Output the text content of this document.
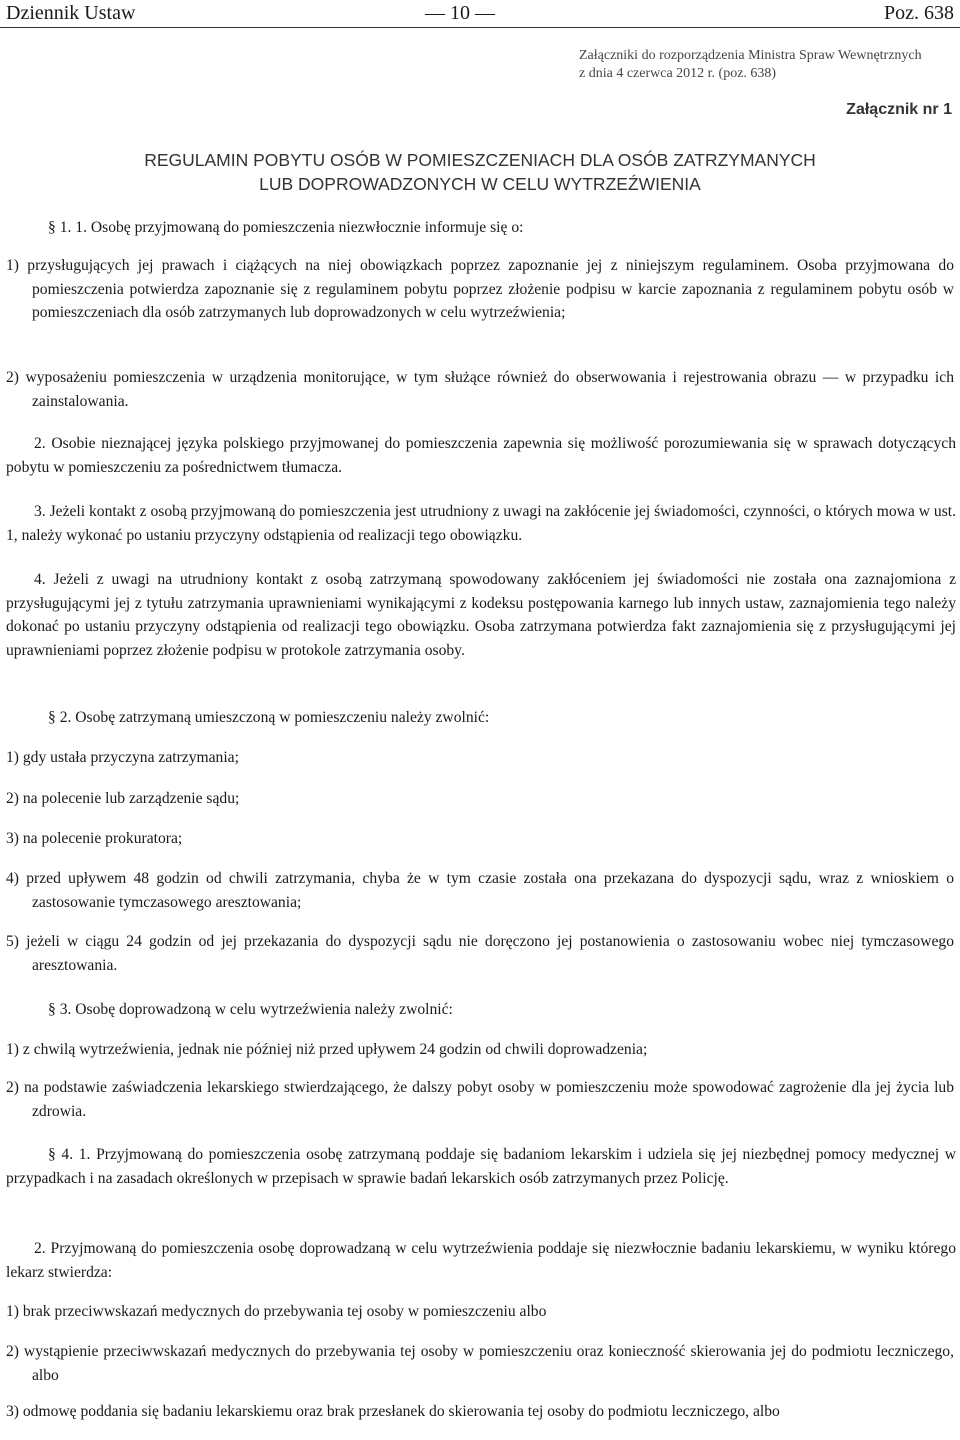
Dziennik Ustaw	— 10 —	Poz. 638
Załączniki do rozporządzenia Ministra Spraw Wewnętrznych
z dnia 4 czerwca 2012 r. (poz. 638)
Załącznik nr 1
REGULAMIN POBYTU OSÓB W POMIESZCZENIACH DLA OSÓB ZATRZYMANYCH
LUB DOPROWADZONYCH W CELU WYTRZEŹWIENIA
§ 1. 1. Osobę przyjmowaną do pomieszczenia niezwłocznie informuje się o:
1) przysługujących jej prawach i ciążących na niej obowiązkach poprzez zapoznanie jej z niniejszym regulaminem. Osoba przyjmowana do pomieszczenia potwierdza zapoznanie się z regulaminem pobytu poprzez złożenie podpisu w karcie zapoznania z regulaminem pobytu osób w pomieszczeniach dla osób zatrzymanych lub doprowadzonych w celu wytrzeźwienia;
2) wyposażeniu pomieszczenia w urządzenia monitorujące, w tym służące również do obserwowania i rejestrowania obrazu — w przypadku ich zainstalowania.
2. Osobie nieznającej języka polskiego przyjmowanej do pomieszczenia zapewnia się możliwość porozumiewania się w sprawach dotyczących pobytu w pomieszczeniu za pośrednictwem tłumacza.
3. Jeżeli kontakt z osobą przyjmowaną do pomieszczenia jest utrudniony z uwagi na zakłócenie jej świadomości, czynności, o których mowa w ust. 1, należy wykonać po ustaniu przyczyny odstąpienia od realizacji tego obowiązku.
4. Jeżeli z uwagi na utrudniony kontakt z osobą zatrzymaną spowodowany zakłóceniem jej świadomości nie została ona zaznajomiona z przysługującymi jej z tytułu zatrzymania uprawnieniami wynikającymi z kodeksu postępowania karnego lub innych ustaw, zaznajomienia tego należy dokonać po ustaniu przyczyny odstąpienia od realizacji tego obowiązku. Osoba zatrzymana potwierdza fakt zaznajomienia się z przysługującymi jej uprawnieniami poprzez złożenie podpisu w protokole zatrzymania osoby.
§ 2. Osobę zatrzymaną umieszczoną w pomieszczeniu należy zwolnić:
1) gdy ustała przyczyna zatrzymania;
2) na polecenie lub zarządzenie sądu;
3) na polecenie prokuratora;
4) przed upływem 48 godzin od chwili zatrzymania, chyba że w tym czasie została ona przekazana do dyspozycji sądu, wraz z wnioskiem o zastosowanie tymczasowego aresztowania;
5) jeżeli w ciągu 24 godzin od jej przekazania do dyspozycji sądu nie doręczono jej postanowienia o zastosowaniu wobec niej tymczasowego aresztowania.
§ 3. Osobę doprowadzoną w celu wytrzeźwienia należy zwolnić:
1) z chwilą wytrzeźwienia, jednak nie później niż przed upływem 24 godzin od chwili doprowadzenia;
2) na podstawie zaświadczenia lekarskiego stwierdzającego, że dalszy pobyt osoby w pomieszczeniu może spowodować zagrożenie dla jej życia lub zdrowia.
§ 4. 1. Przyjmowaną do pomieszczenia osobę zatrzymaną poddaje się badaniom lekarskim i udziela się jej niezbędnej pomocy medycznej w przypadkach i na zasadach określonych w przepisach w sprawie badań lekarskich osób zatrzymanych przez Policję.
2. Przyjmowaną do pomieszczenia osobę doprowadzaną w celu wytrzeźwienia poddaje się niezwłocznie badaniu lekarskiemu, w wyniku którego lekarz stwierdza:
1) brak przeciwwskazań medycznych do przebywania tej osoby w pomieszczeniu albo
2) wystąpienie przeciwwskazań medycznych do przebywania tej osoby w pomieszczeniu oraz konieczność skierowania jej do podmiotu leczniczego, albo
3) odmowę poddania się badaniu lekarskiemu oraz brak przesłanek do skierowania tej osoby do podmiotu leczniczego, albo
